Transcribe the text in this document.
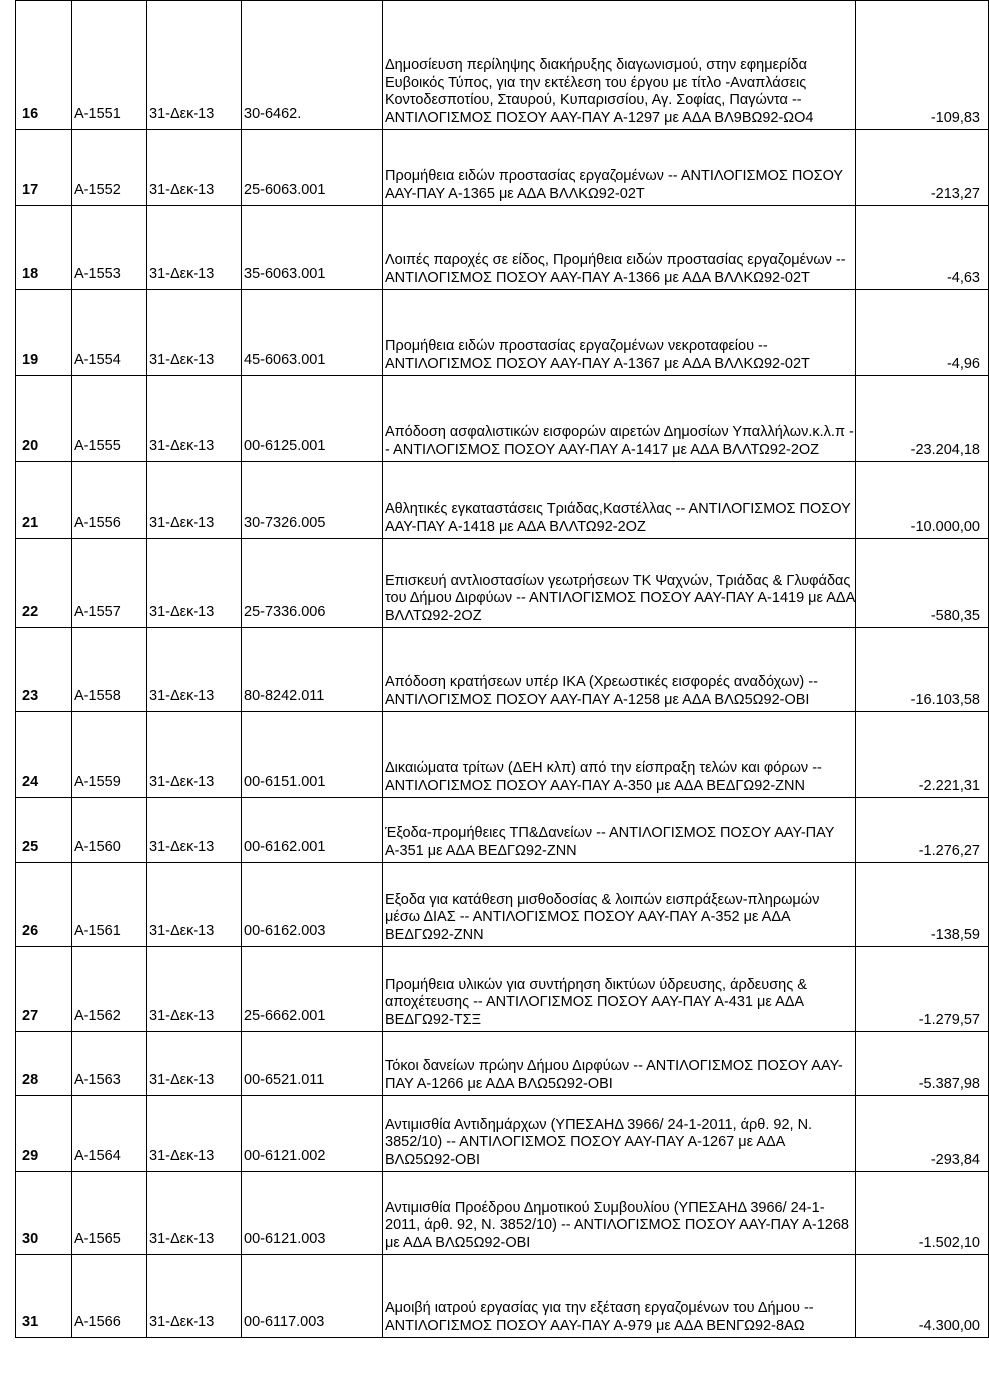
16	A-1551	31-Δεκ-13	30-6462.	Δημοσίευση περίληψης διακήρυξης διαγωνισμού, στην εφημερίδα Ευβοικός Τύπος, για την εκτέλεση του έργου με τίτλο -Αναπλάσεις Κοντοδεσποτίου, Σταυρού, Κυπαρισσίου, Αγ. Σοφίας, Παγώντα -- ΑΝΤΙΛΟΓΙΣΜΟΣ ΠΟΣΟΥ ΑΑΥ-ΠΑΥ Α-1297 με ΑΔΑ ΒΛ9ΒΩ92-ΩΟ4	-109,83
17	A-1552	31-Δεκ-13	25-6063.001	Προμήθεια ειδών προστασίας εργαζομένων -- ΑΝΤΙΛΟΓΙΣΜΟΣ ΠΟΣΟΥ ΑΑΥ-ΠΑΥ Α-1365 με ΑΔΑ ΒΛΛΚΩ92-02Τ	-213,27
18	A-1553	31-Δεκ-13	35-6063.001	Λοιπές παροχές σε είδος, Προμήθεια ειδών προστασίας εργαζομένων -- ΑΝΤΙΛΟΓΙΣΜΟΣ ΠΟΣΟΥ ΑΑΥ-ΠΑΥ Α-1366 με ΑΔΑ ΒΛΛΚΩ92-02Τ	-4,63
19	A-1554	31-Δεκ-13	45-6063.001	Προμήθεια ειδών προστασίας εργαζομένων νεκροταφείου -- ΑΝΤΙΛΟΓΙΣΜΟΣ ΠΟΣΟΥ ΑΑΥ-ΠΑΥ Α-1367 με ΑΔΑ ΒΛΛΚΩ92-02Τ	-4,96
20	A-1555	31-Δεκ-13	00-6125.001	Απόδοση ασφαλιστικών εισφορών αιρετών Δημοσίων Υπαλλήλων.κ.λ.π -- ΑΝΤΙΛΟΓΙΣΜΟΣ ΠΟΣΟΥ ΑΑΥ-ΠΑΥ Α-1417 με ΑΔΑ ΒΛΛΤΩ92-2ΟΖ	-23.204,18
21	A-1556	31-Δεκ-13	30-7326.005	Αθλητικές εγκαταστάσεις Τριάδας,Καστέλλας -- ΑΝΤΙΛΟΓΙΣΜΟΣ ΠΟΣΟΥ ΑΑΥ-ΠΑΥ Α-1418 με ΑΔΑ ΒΛΛΤΩ92-2ΟΖ	-10.000,00
22	A-1557	31-Δεκ-13	25-7336.006	Επισκευή αντλιοστασίων γεωτρήσεων ΤΚ Ψαχνών, Τριάδας & Γλυφάδας του Δήμου Διρφύων -- ΑΝΤΙΛΟΓΙΣΜΟΣ ΠΟΣΟΥ ΑΑΥ-ΠΑΥ Α-1419 με ΑΔΑ ΒΛΛΤΩ92-2ΟΖ	-580,35
23	A-1558	31-Δεκ-13	80-8242.011	Απόδοση κρατήσεων υπέρ ΙΚΑ (Χρεωστικές εισφορές αναδόχων) -- ΑΝΤΙΛΟΓΙΣΜΟΣ ΠΟΣΟΥ ΑΑΥ-ΠΑΥ Α-1258 με ΑΔΑ ΒΛΩ5Ω92-ΟΒΙ	-16.103,58
24	A-1559	31-Δεκ-13	00-6151.001	Δικαιώματα τρίτων (ΔΕΗ κλπ) από την είσπραξη τελών και φόρων -- ΑΝΤΙΛΟΓΙΣΜΟΣ ΠΟΣΟΥ ΑΑΥ-ΠΑΥ Α-350 με ΑΔΑ ΒΕΔΓΩ92-ΖΝΝ	-2.221,31
25	A-1560	31-Δεκ-13	00-6162.001	Έξοδα-προμήθειες ΤΠ&Δανείων -- ΑΝΤΙΛΟΓΙΣΜΟΣ ΠΟΣΟΥ ΑΑΥ-ΠΑΥ Α-351 με ΑΔΑ ΒΕΔΓΩ92-ΖΝΝ	-1.276,27
26	A-1561	31-Δεκ-13	00-6162.003	Εξοδα για κατάθεση μισθοδοσίας & λοιπών εισπράξεων-πληρωμών μέσω ΔΙΑΣ -- ΑΝΤΙΛΟΓΙΣΜΟΣ ΠΟΣΟΥ ΑΑΥ-ΠΑΥ Α-352 με ΑΔΑ ΒΕΔΓΩ92-ΖΝΝ	-138,59
27	A-1562	31-Δεκ-13	25-6662.001	Προμήθεια υλικών για συντήρηση δικτύων ύδρευσης, άρδευσης & αποχέτευσης -- ΑΝΤΙΛΟΓΙΣΜΟΣ ΠΟΣΟΥ ΑΑΥ-ΠΑΥ Α-431 με ΑΔΑ ΒΕΔΓΩ92-ΤΣΞ	-1.279,57
28	A-1563	31-Δεκ-13	00-6521.011	Τόκοι δανείων πρώην Δήμου Διρφύων -- ΑΝΤΙΛΟΓΙΣΜΟΣ ΠΟΣΟΥ ΑΑΥ-ΠΑΥ Α-1266 με ΑΔΑ ΒΛΩ5Ω92-ΟΒΙ	-5.387,98
29	A-1564	31-Δεκ-13	00-6121.002	Αντιμισθία Αντιδημάρχων (ΥΠΕΣΑΗΔ 3966/ 24-1-2011, άρθ. 92, Ν. 3852/10) -- ΑΝΤΙΛΟΓΙΣΜΟΣ ΠΟΣΟΥ ΑΑΥ-ΠΑΥ Α-1267 με ΑΔΑ ΒΛΩ5Ω92-ΟΒΙ	-293,84
30	A-1565	31-Δεκ-13	00-6121.003	Αντιμισθία Προέδρου Δημοτικού Συμβουλίου (ΥΠΕΣΑΗΔ 3966/ 24-1-2011, άρθ. 92, Ν. 3852/10) -- ΑΝΤΙΛΟΓΙΣΜΟΣ ΠΟΣΟΥ ΑΑΥ-ΠΑΥ Α-1268 με ΑΔΑ ΒΛΩ5Ω92-ΟΒΙ	-1.502,10
31	A-1566	31-Δεκ-13	00-6117.003	Αμοιβή ιατρού εργασίας για την εξέταση εργαζομένων του Δήμου -- ΑΝΤΙΛΟΓΙΣΜΟΣ ΠΟΣΟΥ ΑΑΥ-ΠΑΥ Α-979 με ΑΔΑ ΒΕΝΓΩ92-8ΑΩ	-4.300,00
